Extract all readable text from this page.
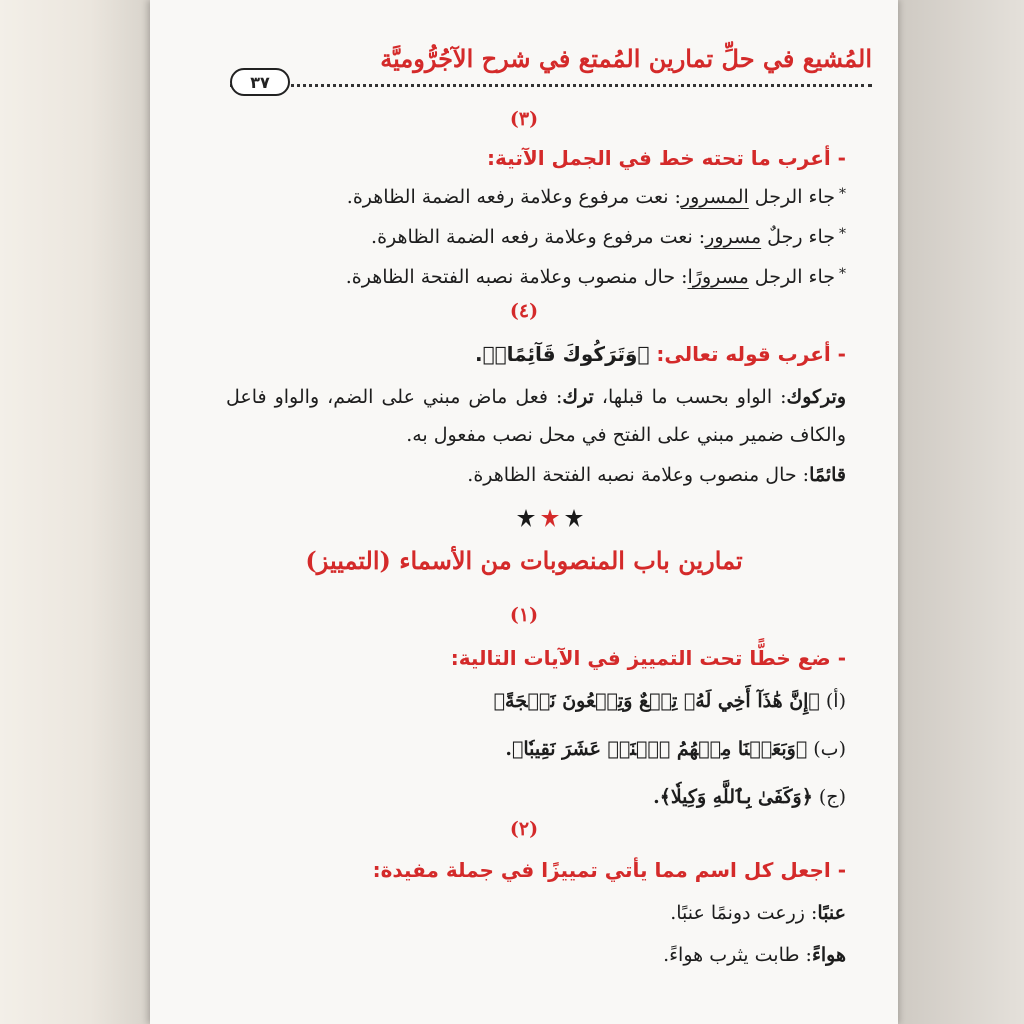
المُشيع في حلِّ تمارين المُمتع في شرح الآجُرُّوميَّة
٣٧
(٣)
- أعرب ما تحته خط في الجمل الآتية:
*جاء الرجل المسرور: نعت مرفوع وعلامة رفعه الضمة الظاهرة.
*جاء رجلٌ مسرور: نعت مرفوع وعلامة رفعه الضمة الظاهرة.
*جاء الرجل مسرورًا: حال منصوب وعلامة نصبه الفتحة الظاهرة.
(٤)
- أعرب قوله تعالى: ﴿وَتَرَكُوكَ قَآئِمًاۚ﴾.
وتركوك: الواو بحسب ما قبلها، ترك: فعل ماض مبني على الضم، والواو فاعل والكاف ضمير مبني على الفتح في محل نصب مفعول به.
قائمًا: حال منصوب وعلامة نصبه الفتحة الظاهرة.
تمارين باب المنصوبات من الأسماء (التمييز)
(١)
- ضع خطًّا تحت التمييز في الآيات التالية:
(أ) ﴿إِنَّ هَٰذَآ أَخِي لَهُۥ تِسۡعٌ وَتِسۡعُونَ نَعۡجَةً﴾
(ب) ﴿وَبَعَثۡنَا مِنۡهُمُ ٱثۡنَيۡ عَشَرَ نَقِيبٗا﴾.
(ج) ﴿وَكَفَىٰ بِٱللَّهِ وَكِيلٗا﴾.
(٢)
- اجعل كل اسم مما يأتي تمييزًا في جملة مفيدة:
عنبًا: زرعت دونمًا عنبًا.
هواءً: طابت يثرب هواءً.
